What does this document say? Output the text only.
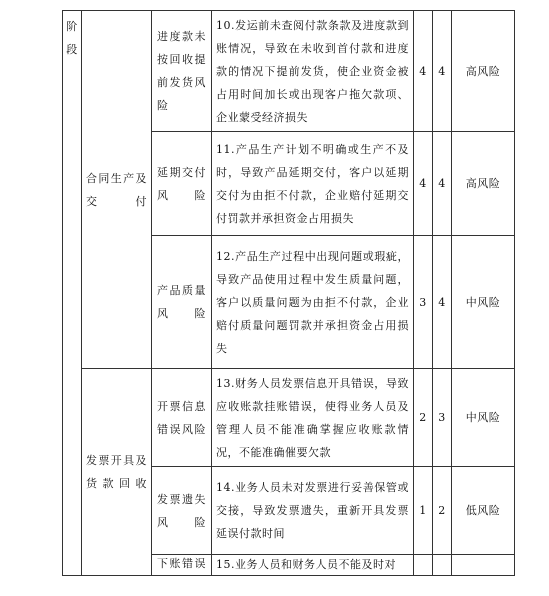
阶
段	合同生产及交付	进度款未按回收提前发货风险	10.发运前未查阅付款条款及进度款到账情况，导致在未收到首付款和进度款的情况下提前发货，使企业资金被占用时间加长或出现客户拖欠款项、企业蒙受经济损失	4	4	高风险
		延期交付风险	11.产品生产计划不明确或生产不及时，导致产品延期交付，客户以延期交付为由拒不付款，企业赔付延期交付罚款并承担资金占用损失	4	4	高风险
		产品质量风险	12.产品生产过程中出现问题或瑕疵，导致产品使用过程中发生质量问题，客户以质量问题为由拒不付款，企业赔付质量问题罚款并承担资金占用损失	3	4	中风险
	发票开具及货款回收	开票信息错误风险	13.财务人员发票信息开具错误，导致应收账款挂账错误，使得业务人员及管理人员不能准确掌握应收账款情况，不能准确催要欠款	2	3	中风险
		发票遗失风险	14.业务人员未对发票进行妥善保管或交接，导致发票遗失，重新开具发票延误付款时间	1	2	低风险
		下账错误	15.业务人员和财务人员不能及时对			
